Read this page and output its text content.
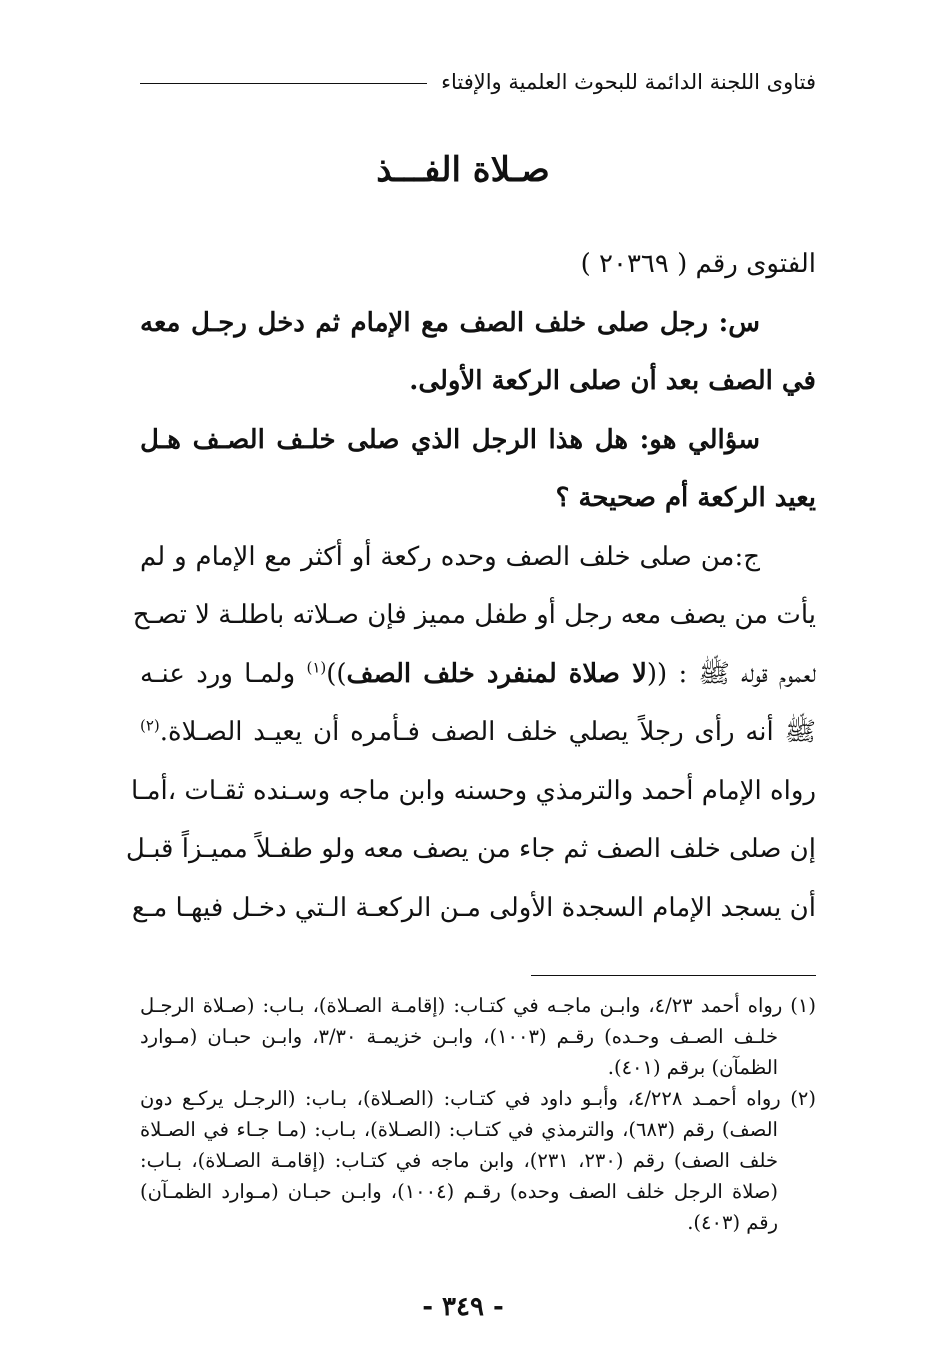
فتاوى اللجنة الدائمة للبحوث العلمية والإفتاء
صـلاة الفـــذ
الفتوى رقم ( ٢٠٣٦٩ )
س: رجل صلى خلف الصف مع الإمام ثم دخل رجـل معه
في الصف بعد أن صلى الركعة الأولى.
سؤالي هو: هل هذا الرجل الذي صلى خلـف الصـف هـل
يعيد الركعة أم صحيحة ؟
ج:من صلى خلف الصف وحده ركعة أو أكثر مع الإمام و لم
يأت من يصف معه رجل أو طفل مميز فإن صـلاته باطلـة لا تصـح
لعموم قوله ﷺ : ((لا صلاة لمنفرد خلف الصف))$^{(١)}$ ولمـا ورد عنـه
ﷺ أنه رأى رجلاً يصلي خلف الصف فـأمره أن يعيـد الصـلاة.$^{(٢)}$
رواه الإمام أحمد والترمذي وحسنه وابن ماجه وسـنده ثقـات ،أمـا
إن صلى خلف الصف ثم جاء من يصف معه ولو طفـلاً مميـزاً قبـل
أن يسجد الإمام السجدة الأولى مـن الركعـة الـتي دخـل فيهـا مـع
(١) رواه أحمد ٤/٢٣، وابـن ماجـه في كتـاب: (إقامـة الصـلاة)، بـاب: (صـلاة الرجـل
خلـف الصـف وحـده) رقـم (١٠٠٣)، وابـن خزيمـة ٣/٣٠، وابـن حبـان (مـوارد
الظمآن) برقم (٤٠١).
(٢) رواه أحمـد ٤/٢٢٨، وأبـو داود في كتـاب: (الصـلاة)، بـاب: (الرجـل يركـع دون
الصف) رقم (٦٨٣)، والترمذي في كتـاب: (الصـلاة)، بـاب: (مـا جـاء في الصـلاة
خلف الصف) رقم (٢٣٠، ٢٣١)، وابن ماجه في كتـاب: (إقامـة الصـلاة)، بـاب:
(صلاة الرجل خلف الصف وحده) رقـم (١٠٠٤)، وابـن حبـان (مـوارد الظمـآن)
رقم (٤٠٣).
- ٣٤٩ -
